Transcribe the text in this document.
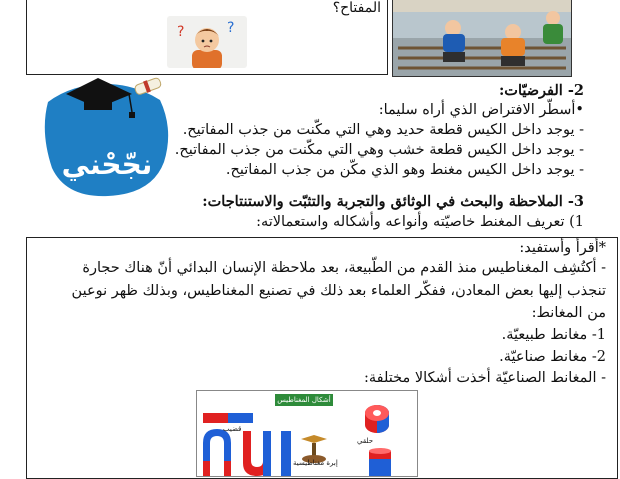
المفتاح؟
?	?
نجّحْني
2- الفرضيّات:
•أسطّر الافتراض الذي أراه سليما:
- يوجد داخل الكيس قطعة حديد وهي التي مكّنت من جذب المفاتيح.
- يوجد داخل الكيس قطعة خشب وهي التي مكّنت من جذب المفاتيح.
- يوجد داخل الكيس مغنط وهو الذي مكّن من جذب المفاتيح.
3- الملاحظة والبحث في الوثائق والتجربة والتثبّت والاستنتاجات:
1) تعريف المغنط خاصيّته وأنواعه وأشكاله واستعمالاته:
*أقرأ وأستفيد:
- أكتُشِف المغناطيس منذ القدم من الطّبيعة، بعد ملاحظة الإنسان البدائي أنّ هناك حجارة
تنجذب إليها بعض المعادن، ففكّر العلماء بعد ذلك في تصنيع المغناطيس، وبذلك ظهر نوعين
من المغانط:
1- مغانط طبيعيّة.
2- مغانط صناعيّة.
- المغانط الصناعيّة أخذت أشكالا مختلفة:
أشكال المغناطيس
قضيب
إبرة مغناطيسية
حلقي
